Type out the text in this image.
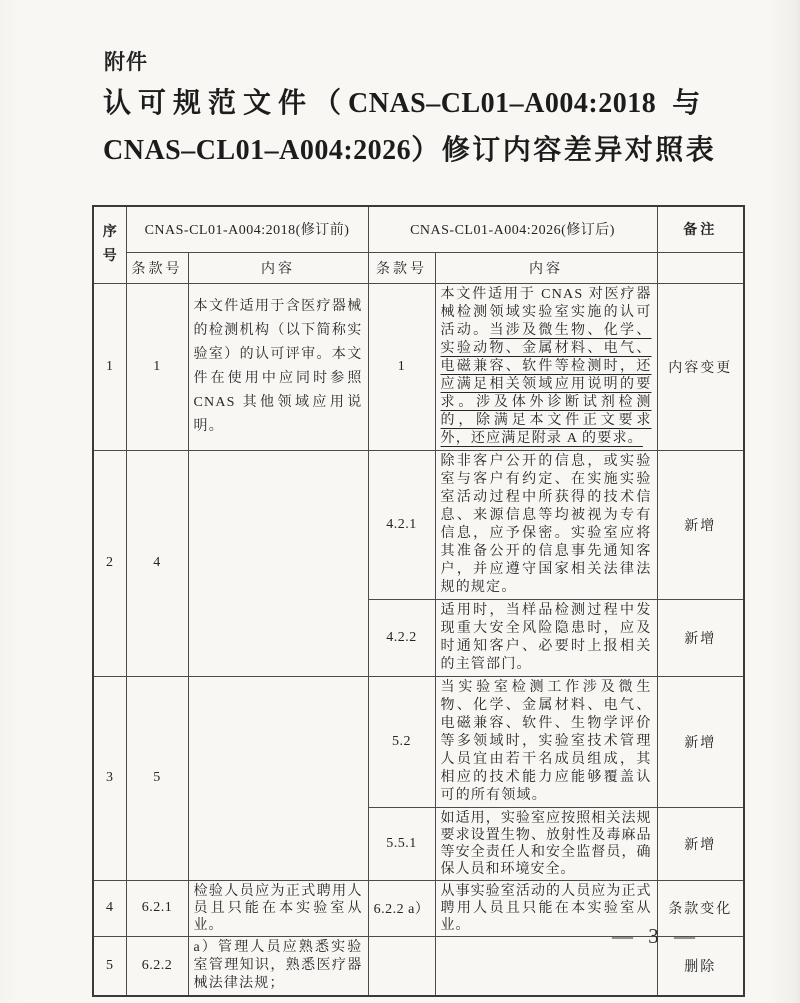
附件
认可规范文件（CNAS–CL01–A004:2018 与
CNAS–CL01–A004:2026）修订内容差异对照表
序号	CNAS-CL01-A004:2018(修订前)		CNAS-CL01-A004:2026(修订后)		备注
	条款号	内容	条款号	内容	
1	1	本文件适用于含医疗器械的检测机构（以下简称实验室）的认可评审。本文件在使用中应同时参照 CNAS 其他领域应用说明。	1	本文件适用于 CNAS 对医疗器械检测领域实验室实施的认可活动。当涉及微生物、化学、实验动物、金属材料、电气、电磁兼容、软件等检测时，还应满足相关领域应用说明的要求。涉及体外诊断试剂检测的，除满足本文件正文要求外，还应满足附录 A 的要求。	内容变更
2	4		4.2.1	除非客户公开的信息，或实验室与客户有约定、在实施实验室活动过程中所获得的技术信息、来源信息等均被视为专有信息，应予保密。实验室应将其准备公开的信息事先通知客户，并应遵守国家相关法律法规的规定。	新增
			4.2.2	适用时，当样品检测过程中发现重大安全风险隐患时，应及时通知客户、必要时上报相关的主管部门。	新增
3	5		5.2	当实验室检测工作涉及微生物、化学、金属材料、电气、电磁兼容、软件、生物学评价等多领域时，实验室技术管理人员宜由若干名成员组成，其相应的技术能力应能够覆盖认可的所有领域。	新增
			5.5.1	如适用，实验室应按照相关法规要求设置生物、放射性及毒麻品等安全责任人和安全监督员，确保人员和环境安全。	新增
4	6.2.1	检验人员应为正式聘用人员且只能在本实验室从业。	6.2.2 a）	从事实验室活动的人员应为正式聘用人员且只能在本实验室从业。	条款变化
5	6.2.2	a）管理人员应熟悉实验室管理知识，熟悉医疗器械法律法规；			删除
— 3 —
